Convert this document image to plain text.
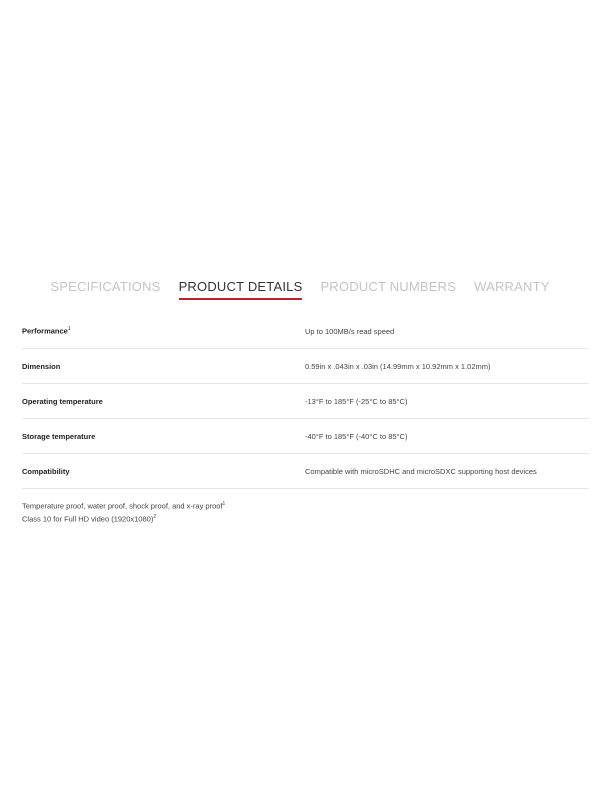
SPECIFICATIONS PRODUCT DETAILS PRODUCT NUMBERS WARRANTY
Performance$^1$	Up to 100MB/s read speed
Dimension	0.59in x .043in x .03in (14.99mm x 10.92mm x 1.02mm)
Operating temperature	-13°F to 185°F (-25°C to 85°C)
Storage temperature	-40°F to 185°F (-40°C to 85°C)
Compatibility	Compatible with microSDHC and microSDXC supporting host devices
Temperature proof, water proof, shock proof, and x-ray proof$^1$
Class 10 for Full HD video $(1920x1080)^2$
